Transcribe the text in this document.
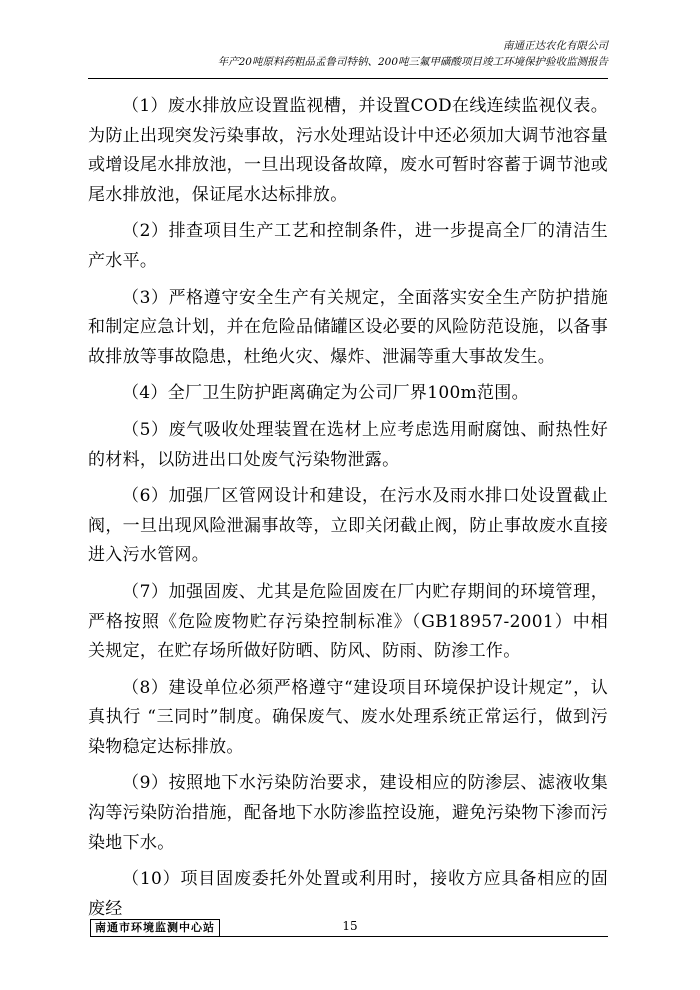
南通正达农化有限公司
年产20吨原料药粗品孟鲁司特钠、200吨三氟甲磺酸项目竣工环境保护验收监测报告

（1）废水排放应设置监视槽，并设置COD在线连续监视仪表。为防止出现突发污染事故，污水处理站设计中还必须加大调节池容量或增设尾水排放池，一旦出现设备故障，废水可暂时容蓄于调节池或尾水排放池，保证尾水达标排放。

（2）排查项目生产工艺和控制条件，进一步提高全厂的清洁生产水平。

（3）严格遵守安全生产有关规定，全面落实安全生产防护措施和制定应急计划，并在危险品储罐区设必要的风险防范设施，以备事故排放等事故隐患，杜绝火灾、爆炸、泄漏等重大事故发生。

（4）全厂卫生防护距离确定为公司厂界100m范围。

（5）废气吸收处理装置在选材上应考虑选用耐腐蚀、耐热性好的材料，以防进出口处废气污染物泄露。

（6）加强厂区管网设计和建设，在污水及雨水排口处设置截止阀，一旦出现风险泄漏事故等，立即关闭截止阀，防止事故废水直接进入污水管网。

（7）加强固废、尤其是危险固废在厂内贮存期间的环境管理，严格按照《危险废物贮存污染控制标准》（GB18957-2001）中相关规定，在贮存场所做好防晒、防风、防雨、防渗工作。

（8）建设单位必须严格遵守“建设项目环境保护设计规定”，认真执行 “三同时”制度。确保废气、废水处理系统正常运行，做到污染物稳定达标排放。

（9）按照地下水污染防治要求，建设相应的防渗层、滤液收集沟等污染防治措施，配备地下水防渗监控设施，避免污染物下渗而污染地下水。

（10）项目固废委托外处置或利用时，接收方应具备相应的固废经

南通市环境监测中心站	15
